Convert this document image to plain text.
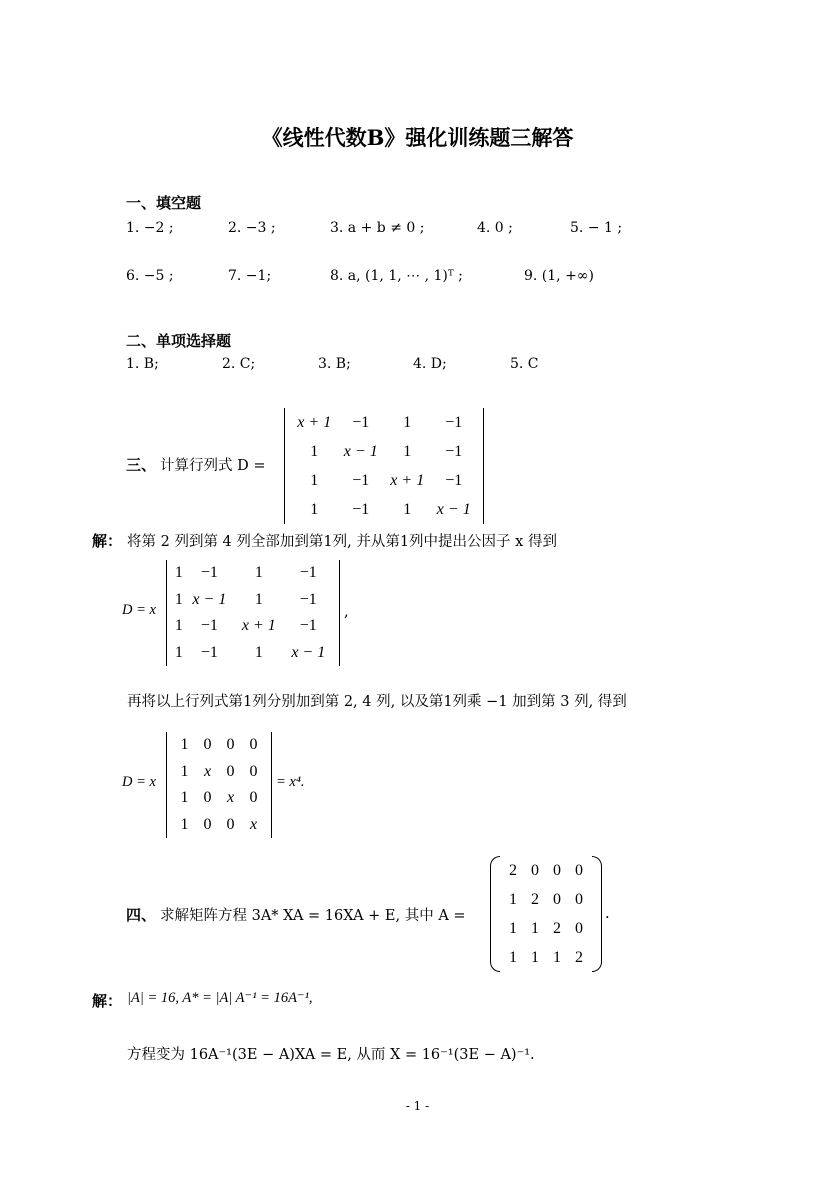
《线性代数B》强化训练题三解答
一、填空题
1. −2 ;	2. −3 ;	3. a + b ≠ 0 ;	4. 0 ;	5. − 1 ;
6. −5 ;	7. −1;	8. a, (1, 1, ⋯ , 1)ᵀ ;	9. (1, +∞)
二、单项选择题
1. B;	2. C;	3. B;	4. D;	5. C
三、 计算行列式 D =
x + 1	−1	1	−1
1	x − 1	1	−1
1	−1	x + 1	−1
1	−1	1	x − 1
解： 将第 2 列到第 4 列全部加到第1列, 并从第1列中提出公因子 x 得到
D = x
1	−1	1	−1
1	x − 1	1	−1
1	−1	x + 1	−1
1	−1	1	x − 1
,
再将以上行列式第1列分别加到第 2, 4 列, 以及第1列乘 −1 加到第 3 列, 得到
D = x
1	0	0	0
1	x	0	0
1	0	x	0
1	0	0	x
= x⁴.
四、 求解矩阵方程 3A* XA = 16XA + E, 其中 A =
2	0	0	0
1	2	0	0
1	1	2	0
1	1	1	2
.
解： |A| = 16, A* = |A| A⁻¹ = 16A⁻¹,
方程变为 16A⁻¹(3E − A)XA = E, 从而 X = 16⁻¹(3E − A)⁻¹.
- 1 -
